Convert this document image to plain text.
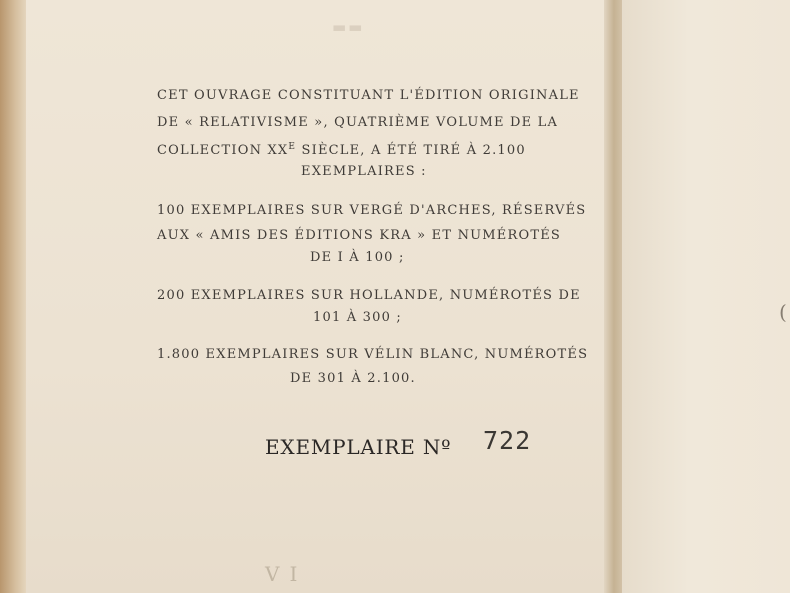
▬▬
VI
(

CET OUVRAGE CONSTITUANT L'ÉDITION ORIGINALE

DE « RELATIVISME », QUATRIÈME VOLUME DE LA

COLLECTION $XX^E$ SIÈCLE, A ÉTÉ TIRÉ À 2.100

EXEMPLAIRES :

100 EXEMPLAIRES SUR VERGÉ D'ARCHES, RÉSERVÉS

AUX « AMIS DES ÉDITIONS KRA » ET NUMÉROTÉS

DE I À 100 ;

200 EXEMPLAIRES SUR HOLLANDE, NUMÉROTÉS DE

101 À 300 ;

1.800 EXEMPLAIRES SUR VÉLIN BLANC, NUMÉROTÉS

DE 301 À 2.100.

EXEMPLAIRE Nº 722
